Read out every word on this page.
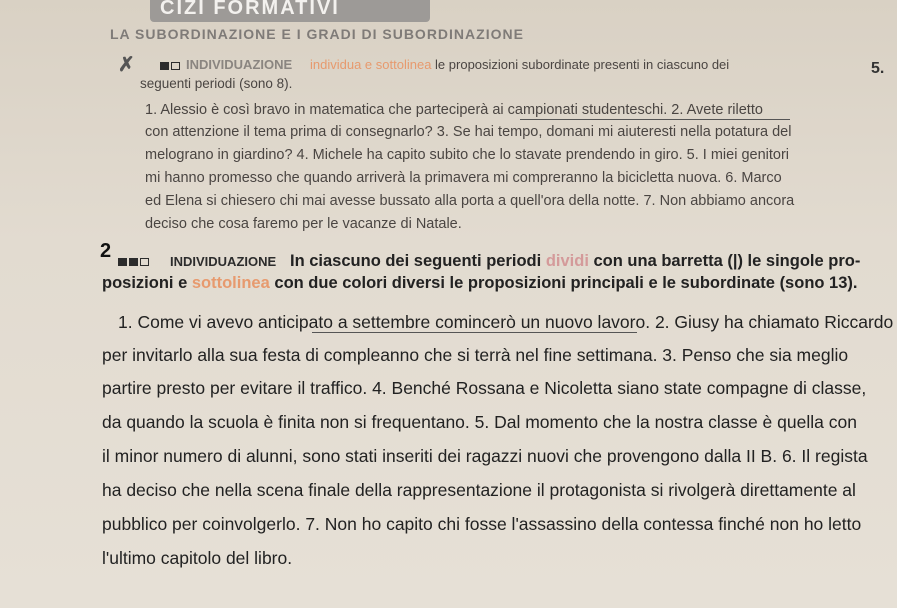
CIZI FORMATIVI
LA SUBORDINAZIONE E I GRADI DI SUBORDINAZIONE
5.
✗	INDIVIDUAZIONE individua e sottolinea le proposizioni subordinate presenti in ciascuno dei
seguenti periodi (sono 8).
1. Alessio è così bravo in matematica che parteciperà ai campionati studenteschi. 2. Avete riletto
con attenzione il tema prima di consegnarlo? 3. Se hai tempo, domani mi aiuteresti nella potatura del
melograno in giardino? 4. Michele ha capito subito che lo stavate prendendo in giro. 5. I miei genitori
mi hanno promesso che quando arriverà la primavera mi compreranno la bicicletta nuova. 6. Marco
ed Elena si chiesero chi mai avesse bussato alla porta a quell'ora della notte. 7. Non abbiamo ancora
deciso che cosa faremo per le vacanze di Natale.
2	INDIVIDUAZIONE In ciascuno dei seguenti periodi dividi con una barretta (|) le singole pro-
posizioni e sottolinea con due colori diversi le proposizioni principali e le subordinate (sono 13).
1. Come vi avevo anticipato a settembre comincerò un nuovo lavoro. 2. Giusy ha chiamato Riccardo
per invitarlo alla sua festa di compleanno che si terrà nel fine settimana. 3. Penso che sia meglio
partire presto per evitare il traffico. 4. Benché Rossana e Nicoletta siano state compagne di classe,
da quando la scuola è finita non si frequentano. 5. Dal momento che la nostra classe è quella con
il minor numero di alunni, sono stati inseriti dei ragazzi nuovi che provengono dalla II B. 6. Il regista
ha deciso che nella scena finale della rappresentazione il protagonista si rivolgerà direttamente al
pubblico per coinvolgerlo. 7. Non ho capito chi fosse l'assassino della contessa finché non ho letto
l'ultimo capitolo del libro.
